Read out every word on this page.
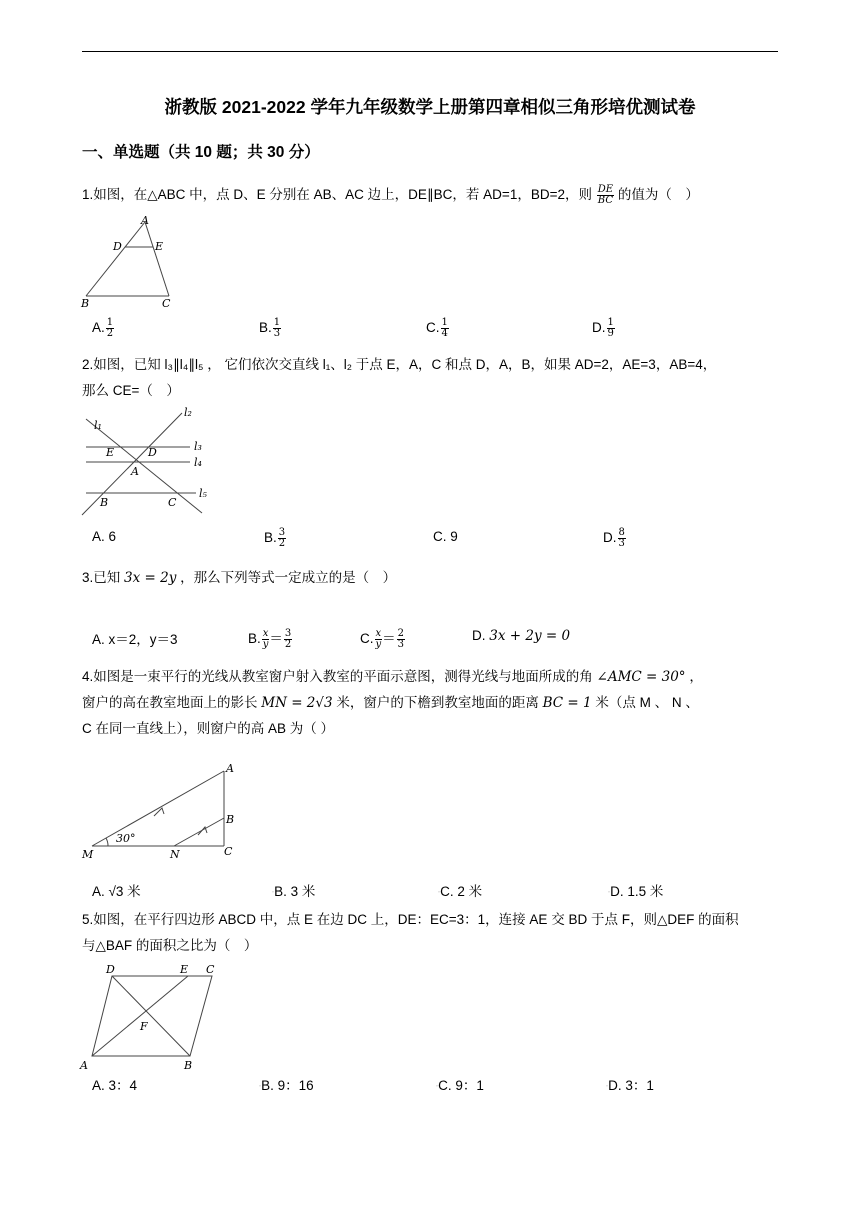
浙教版 2021-2022 学年九年级数学上册第四章相似三角形培优测试卷
一、单选题（共 10 题；共 30 分）
1.如图，在△ABC 中，点 D、E 分别在 AB、AC 边上，DE∥BC，若 AD=1，BD=2，则 $\frac{DE}{BC}$ 的值为（　）
A
D	E
B	C
A. $\frac{1}{2}$	B. $\frac{1}{3}$	C. $\frac{1}{4}$	D. $\frac{1}{9}$
2.如图，已知 l₃∥l₄∥l₅ ， 它们依次交直线 l₁、l₂ 于点 E，A，C 和点 D，A，B，如果 AD=2，AE=3，AB=4，
那么 CE=（　）
l₁
l₂
l₃
l₄
l₅
E	D
A
B	C
A. 6	B. $\frac{3}{2}$	C. 9	D. $\frac{8}{3}$
3.已知 3x = 2y ，那么下列等式一定成立的是（　）
A. x＝2，y＝3	B. $\frac{x}{y} = \frac{3}{2}$	C. $\frac{x}{y} = \frac{2}{3}$	D. 3x + 2y = 0
4.如图是一束平行的光线从教室窗户射入教室的平面示意图，测得光线与地面所成的角 ∠AMC = 30° ，
窗户的高在教室地面上的影长 MN = 2√3 米，窗户的下檐到教室地面的距离 BC = 1 米（点 M 、 N 、
C 在同一直线上），则窗户的高 AB 为（ ）
A
B
C
N
M
30°
A. √3 米	◦B. 3 米	◦C. 2 米	◦D. 1.5 米
5.如图，在平行四边形 ABCD 中，点 E 在边 DC 上，DE：EC=3：1，连接 AE 交 BD 于点 F，则△DEF 的面积
与△BAF 的面积之比为（　）
D	E C
F
A	B
A. 3：4	◦B. 9：16	◦C. 9：1	◦D. 3：1
